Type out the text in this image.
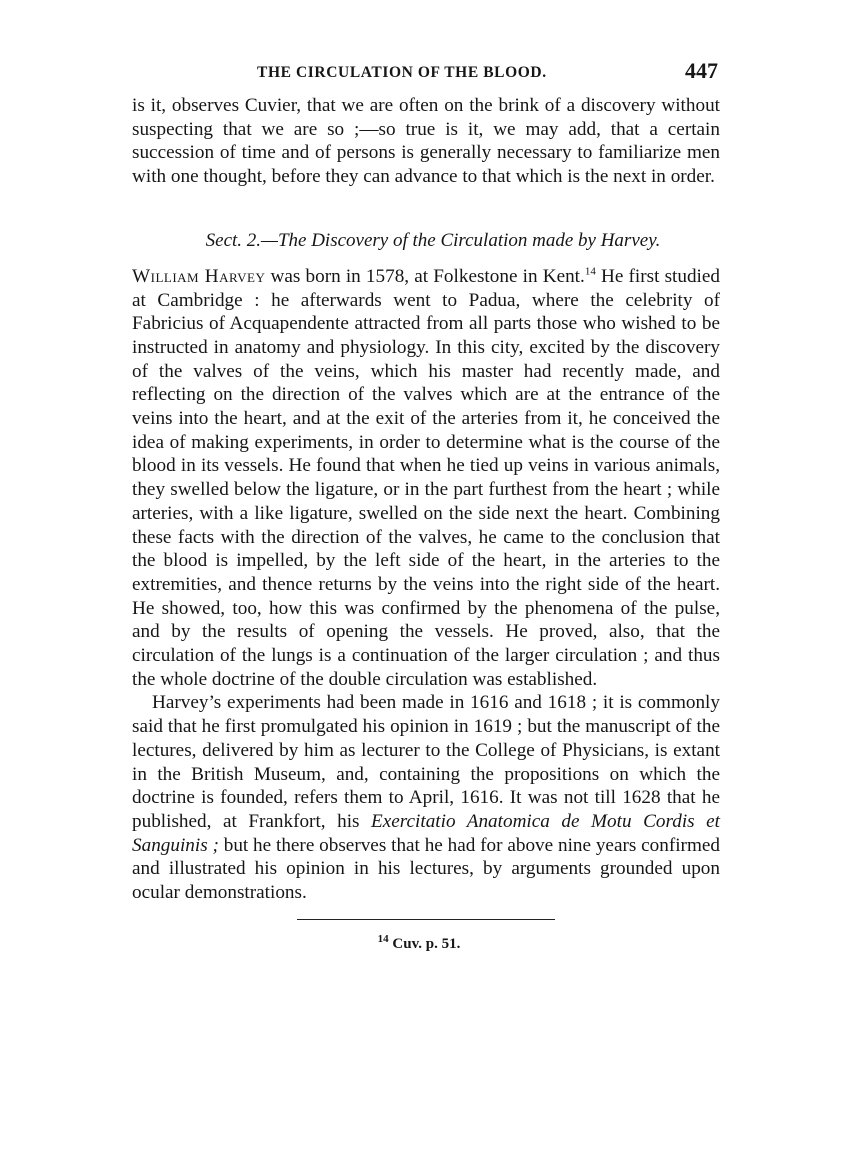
THE CIRCULATION OF THE BLOOD.	447

is it, observes Cuvier, that we are often on the brink of a discovery without suspecting that we are so ;—so true is it, we may add, that a certain succession of time and of persons is generally necessary to familiarize men with one thought, before they can advance to that which is the next in order.

Sect. 2.—The Discovery of the Circulation made by Harvey.

William Harvey was born in 1578, at Folkestone in Kent.$^{14}$ He first studied at Cambridge : he afterwards went to Padua, where the celebrity of Fabricius of Acquapendente attracted from all parts those who wished to be instructed in anatomy and physiology. In this city, excited by the discovery of the valves of the veins, which his master had recently made, and reflecting on the direction of the valves which are at the entrance of the veins into the heart, and at the exit of the arteries from it, he conceived the idea of making experiments, in order to determine what is the course of the blood in its vessels. He found that when he tied up veins in various animals, they swelled below the ligature, or in the part furthest from the heart ; while arteries, with a like ligature, swelled on the side next the heart. Combining these facts with the direction of the valves, he came to the conclusion that the blood is impelled, by the left side of the heart, in the arteries to the extremities, and thence returns by the veins into the right side of the heart. He showed, too, how this was confirmed by the phenomena of the pulse, and by the results of opening the vessels. He proved, also, that the circulation of the lungs is a continuation of the larger circulation ; and thus the whole doctrine of the double circulation was established.

Harvey’s experiments had been made in 1616 and 1618 ; it is commonly said that he first promulgated his opinion in 1619 ; but the manuscript of the lectures, delivered by him as lecturer to the College of Physicians, is extant in the British Museum, and, containing the propositions on which the doctrine is founded, refers them to April, 1616. It was not till 1628 that he published, at Frankfort, his Exercitatio Anatomica de Motu Cordis et Sanguinis ; but he there observes that he had for above nine years confirmed and illustrated his opinion in his lectures, by arguments grounded upon ocular demonstrations.

$^{14}$ Cuv. p. 51.
